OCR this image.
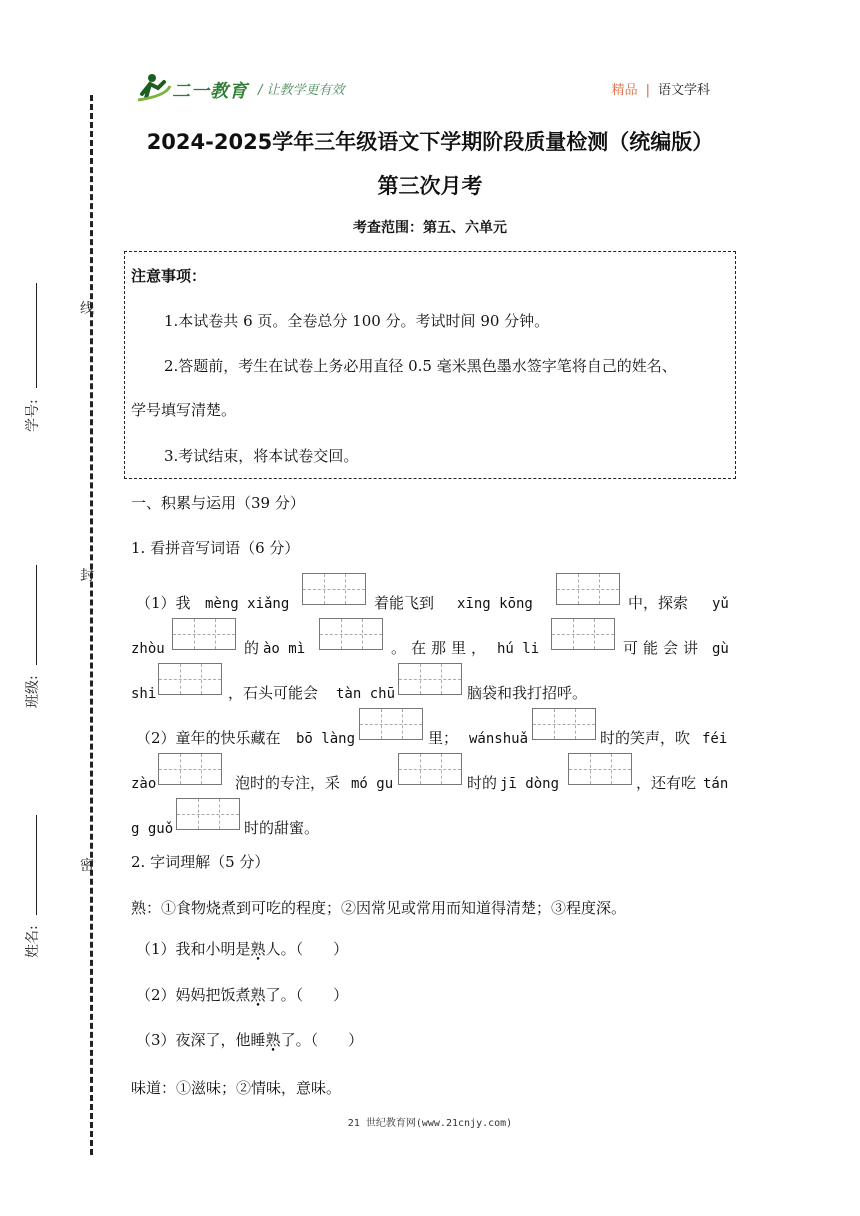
二一教育 / 让教学更有效	精品 | 语文学科
线
封
密
学号:
班级:
姓名:
2024-2025学年三年级语文下学期阶段质量检测（统编版）
第三次月考
考查范围：第五、六单元
注意事项：
1.本试卷共 6 页。全卷总分 100 分。考试时间 90 分钟。
2.答题前，考生在试卷上务必用直径 0.5 毫米黑色墨水签字笔将自己的姓名、
学号填写清楚。
3.考试结束，将本试卷交回。
一、积累与运用（39 分）
1. 看拼音写词语（6 分）
（1）我 mèng xiǎng	着能飞到 xīng kōng	中，探索 yǔ
zhòu	的 ào mì	。在那里， hú li	可能会讲 gù
shi	，石头可能会 tàn chū	脑袋和我打招呼。
（2）童年的快乐藏在 bō làng	里； wánshuǎ	时的笑声，吹 féi
zào	泡时的专注，采 mó gu	时的 jī dòng	，还有吃 tán
g guǒ	时的甜蜜。
2. 字词理解（5 分）
熟：①食物烧煮到可吃的程度；②因常见或常用而知道得清楚；③程度深。
（1）我和小明是熟人。（　　）
（2）妈妈把饭煮熟了。（　　）
（3）夜深了，他睡熟了。（　　）
味道：①滋味；②情味，意味。
21 世纪教育网(www.21cnjy.com)
